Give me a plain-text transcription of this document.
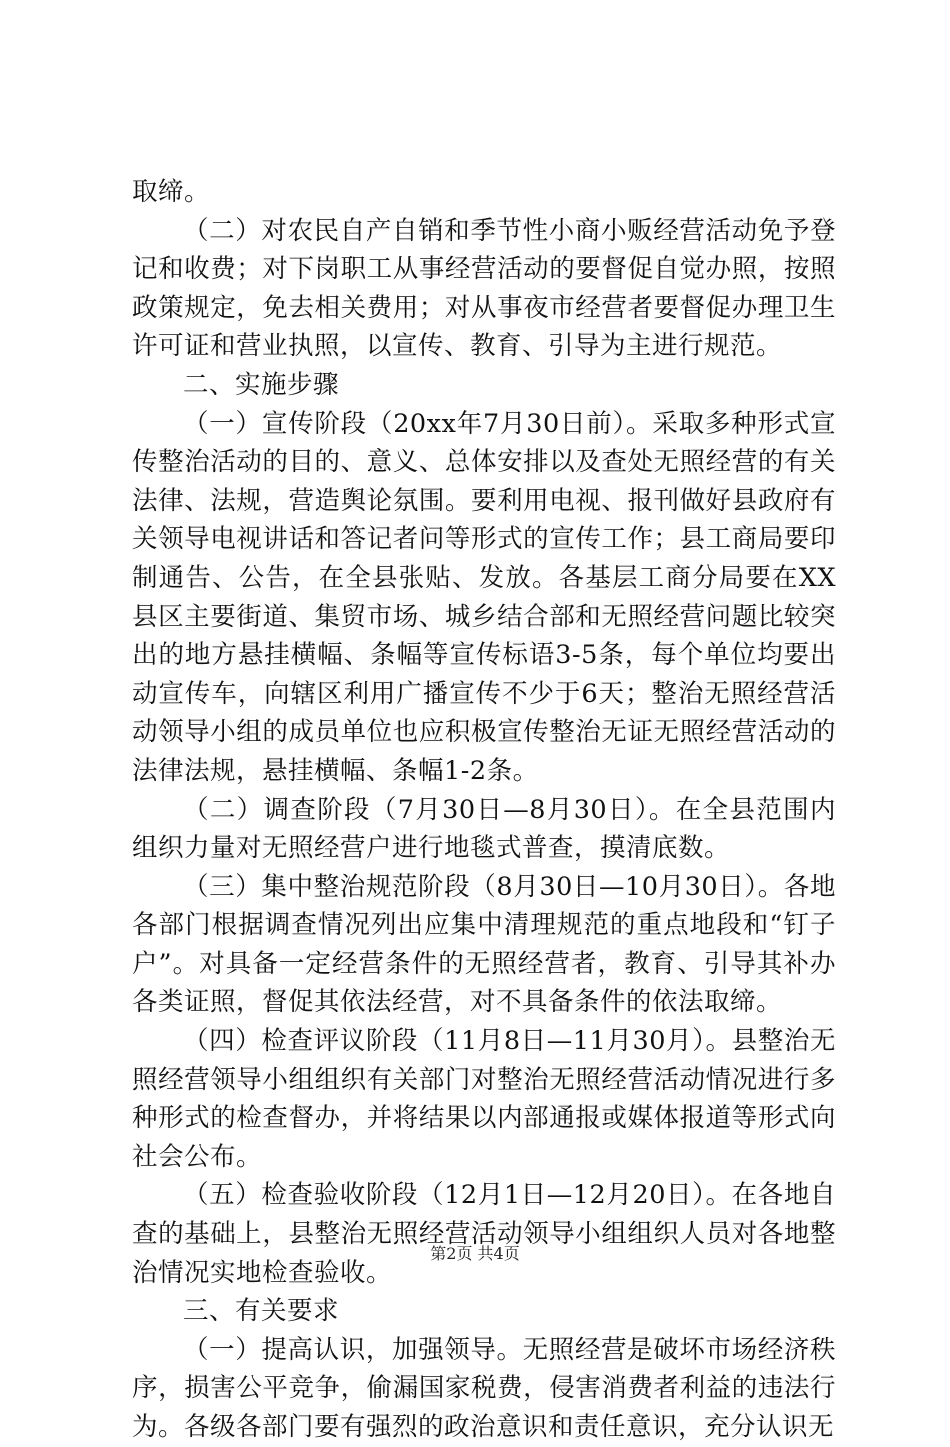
取缔。

（二）对农民自产自销和季节性小商小贩经营活动免予登记和收费；对下岗职工从事经营活动的要督促自觉办照，按照政策规定，免去相关费用；对从事夜市经营者要督促办理卫生许可证和营业执照，以宣传、教育、引导为主进行规范。

二、实施步骤

（一）宣传阶段（20xx年7月30日前）。采取多种形式宣传整治活动的目的、意义、总体安排以及查处无照经营的有关法律、法规，营造舆论氛围。要利用电视、报刊做好县政府有关领导电视讲话和答记者问等形式的宣传工作；县工商局要印制通告、公告，在全县张贴、发放。各基层工商分局要在XX县区主要街道、集贸市场、城乡结合部和无照经营问题比较突出的地方悬挂横幅、条幅等宣传标语3-5条，每个单位均要出动宣传车，向辖区利用广播宣传不少于6天；整治无照经营活动领导小组的成员单位也应积极宣传整治无证无照经营活动的法律法规，悬挂横幅、条幅1-2条。

（二）调查阶段（7月30日—8月30日）。在全县范围内组织力量对无照经营户进行地毯式普查，摸清底数。

（三）集中整治规范阶段（8月30日—10月30日）。各地各部门根据调查情况列出应集中清理规范的重点地段和“钉子户”。对具备一定经营条件的无照经营者，教育、引导其补办各类证照，督促其依法经营，对不具备条件的依法取缔。

（四）检查评议阶段（11月8日—11月30月）。县整治无照经营领导小组组织有关部门对整治无照经营活动情况进行多种形式的检查督办，并将结果以内部通报或媒体报道等形式向社会公布。

（五）检查验收阶段（12月1日—12月20日）。在各地自查的基础上，县整治无照经营活动领导小组组织人员对各地整治情况实地检查验收。

三、有关要求

（一）提高认识，加强领导。无照经营是破坏市场经济秩序，损害公平竞争，偷漏国家税费，侵害消费者利益的违法行为。各级各部门要有强烈的政治意识和责任意识，充分认识无

第2页 共4页
